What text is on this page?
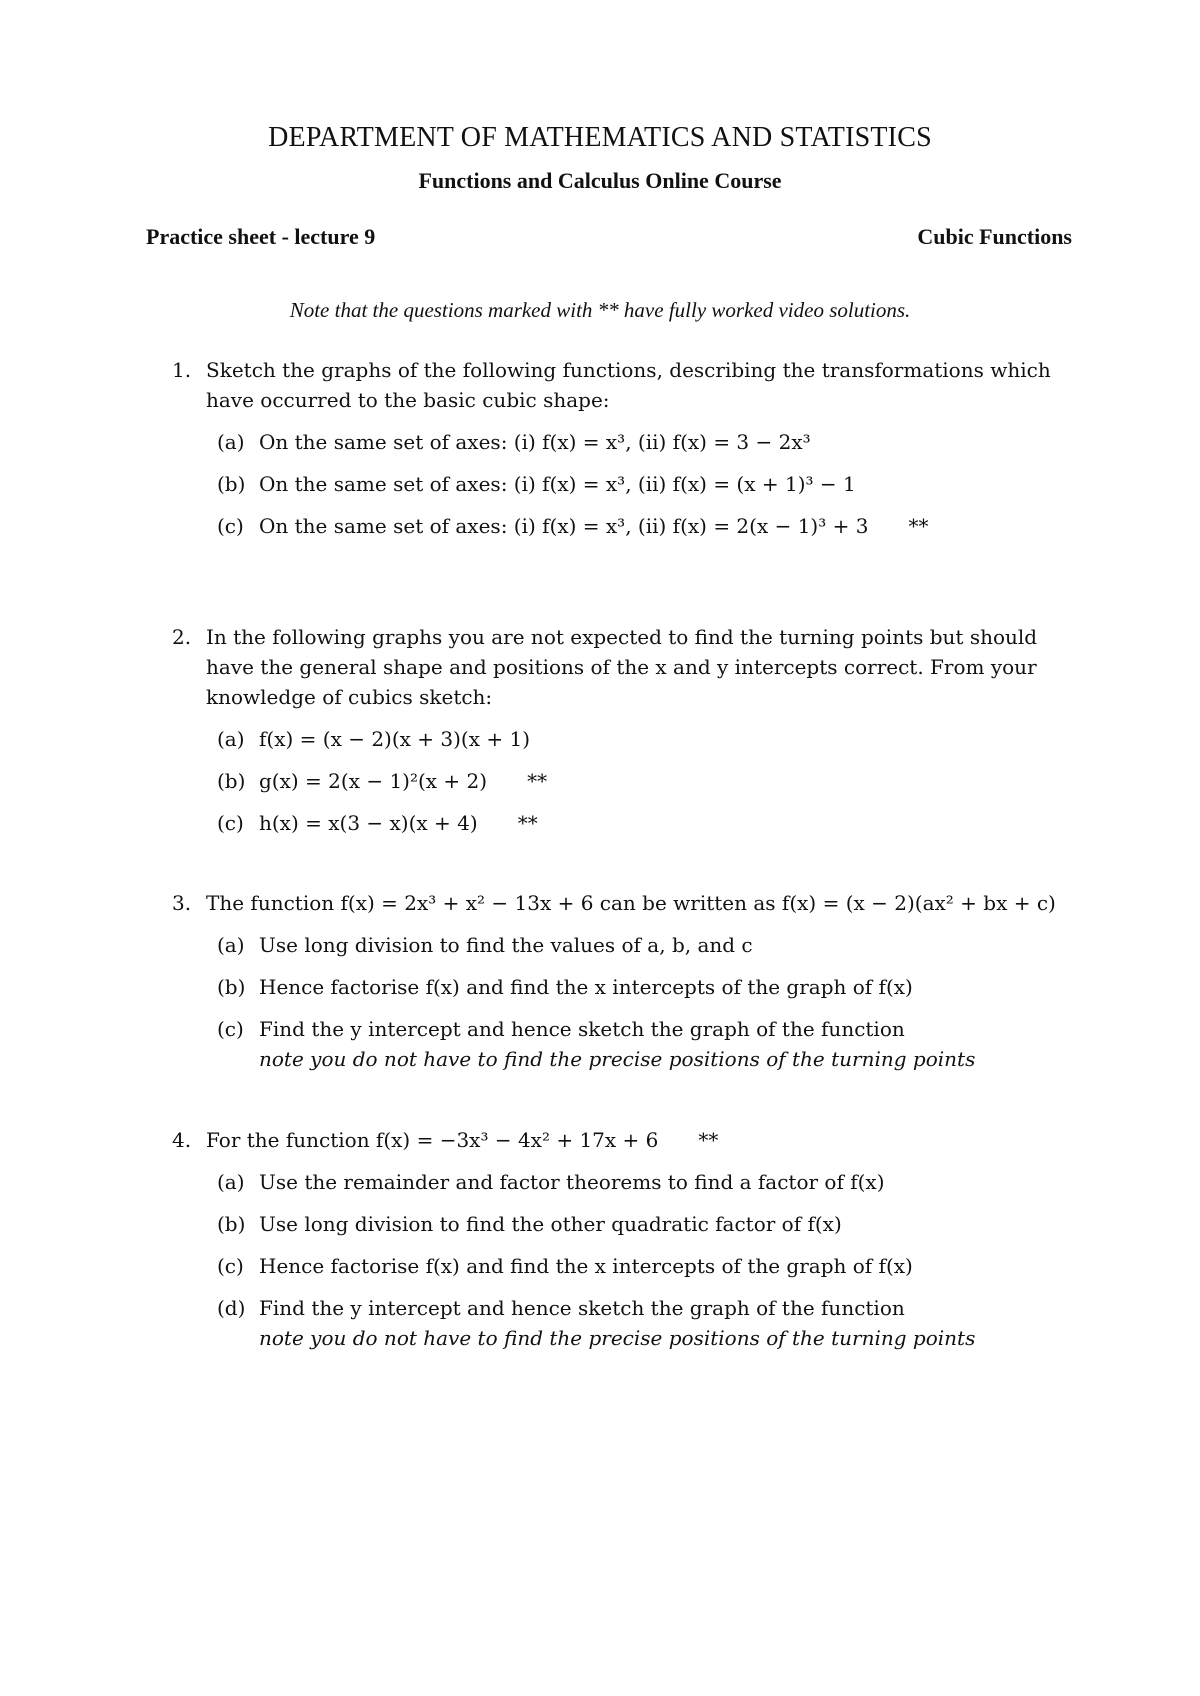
DEPARTMENT OF MATHEMATICS AND STATISTICS
Functions and Calculus Online Course
Practice sheet - lecture 9	Cubic Functions
Note that the questions marked with ** have fully worked video solutions.
1. Sketch the graphs of the following functions, describing the transformations which have occurred to the basic cubic shape:
(a) On the same set of axes: (i) f(x) = x³, (ii) f(x) = 3 − 2x³
(b) On the same set of axes: (i) f(x) = x³, (ii) f(x) = (x + 1)³ − 1
(c) On the same set of axes: (i) f(x) = x³, (ii) f(x) = 2(x − 1)³ + 3 **
2. In the following graphs you are not expected to find the turning points but should have the general shape and positions of the x and y intercepts correct. From your knowledge of cubics sketch:
(a) f(x) = (x − 2)(x + 3)(x + 1)
(b) g(x) = 2(x − 1)²(x + 2) **
(c) h(x) = x(3 − x)(x + 4) **
3. The function f(x) = 2x³ + x² − 13x + 6 can be written as f(x) = (x − 2)(ax² + bx + c)
(a) Use long division to find the values of a, b, and c
(b) Hence factorise f(x) and find the x intercepts of the graph of f(x)
(c) Find the y intercept and hence sketch the graph of the function
note you do not have to find the precise positions of the turning points
4. For the function f(x) = −3x³ − 4x² + 17x + 6 **
(a) Use the remainder and factor theorems to find a factor of f(x)
(b) Use long division to find the other quadratic factor of f(x)
(c) Hence factorise f(x) and find the x intercepts of the graph of f(x)
(d) Find the y intercept and hence sketch the graph of the function
note you do not have to find the precise positions of the turning points
